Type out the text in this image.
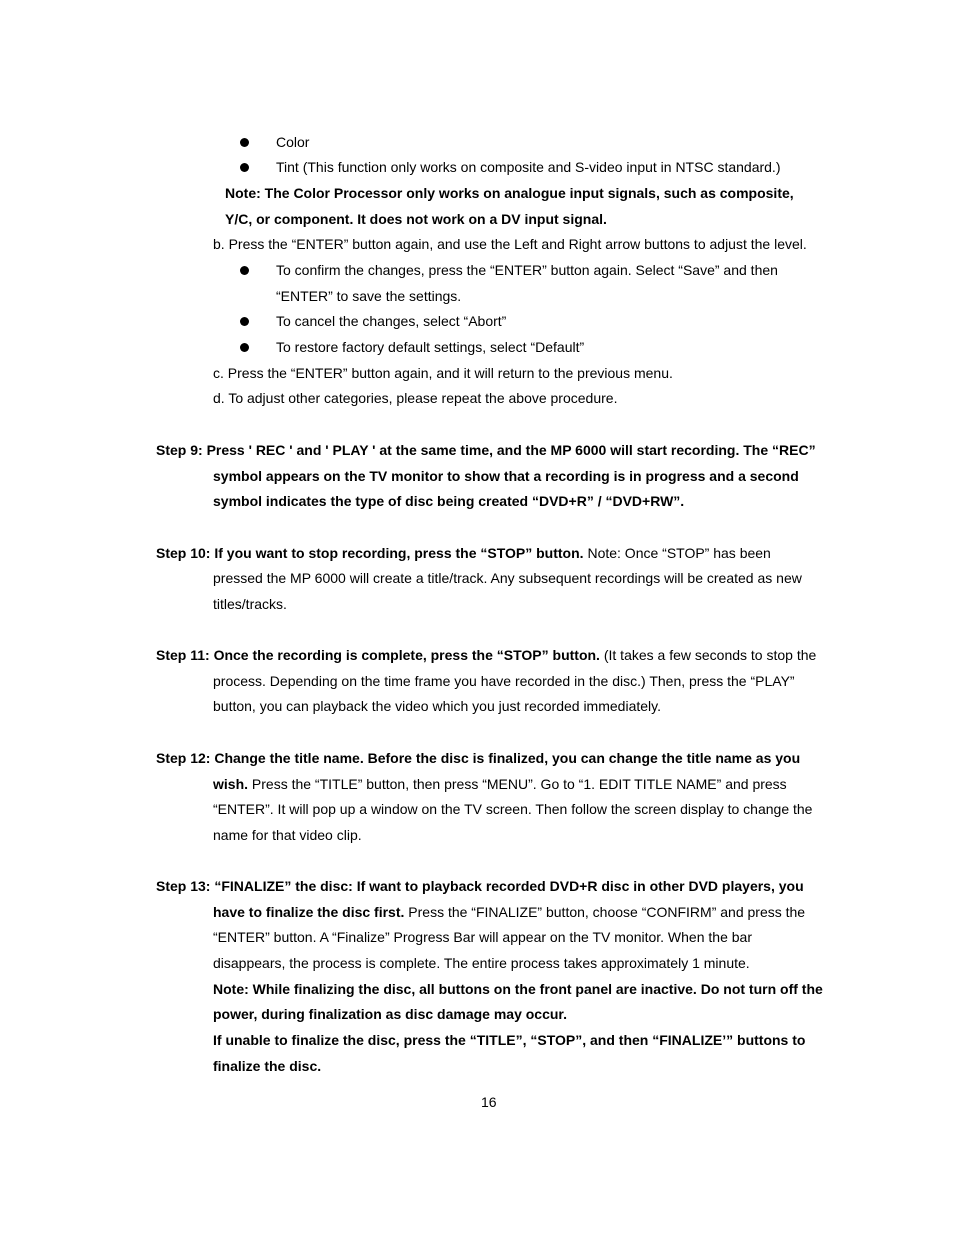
Color
Tint (This function only works on composite and S-video input in NTSC standard.)
Note: The Color Processor only works on analogue input signals, such as composite,
Y/C, or component. It does not work on a DV input signal.
b. Press the “ENTER” button again, and use the Left and Right arrow buttons to adjust the level.
To confirm the changes, press the “ENTER” button again. Select “Save” and then
“ENTER” to save the settings.
To cancel the changes, select “Abort”
To restore factory default settings, select “Default”
c. Press the “ENTER” button again, and it will return to the previous menu.
d. To adjust other categories, please repeat the above procedure.
Step 9: Press ' REC ' and ' PLAY ' at the same time, and the MP 6000 will start recording. The “REC”
symbol appears on the TV monitor to show that a recording is in progress and a second
symbol indicates the type of disc being created “DVD+R” / “DVD+RW”.
Step 10: If you want to stop recording, press the “STOP” button. Note: Once “STOP” has been
pressed the MP 6000 will create a title/track. Any subsequent recordings will be created as new
titles/tracks.
Step 11: Once the recording is complete, press the “STOP” button. (It takes a few seconds to stop the
process. Depending on the time frame you have recorded in the disc.) Then, press the “PLAY”
button, you can playback the video which you just recorded immediately.
Step 12: Change the title name. Before the disc is finalized, you can change the title name as you
wish. Press the “TITLE” button, then press “MENU”. Go to “1. EDIT TITLE NAME” and press
“ENTER”. It will pop up a window on the TV screen. Then follow the screen display to change the
name for that video clip.
Step 13: “FINALIZE” the disc: If want to playback recorded DVD+R disc in other DVD players, you
have to finalize the disc first. Press the “FINALIZE” button, choose “CONFIRM” and press the
“ENTER” button. A “Finalize” Progress Bar will appear on the TV monitor. When the bar
disappears, the process is complete. The entire process takes approximately 1 minute.
Note: While finalizing the disc, all buttons on the front panel are inactive. Do not turn off the
power, during finalization as disc damage may occur.
If unable to finalize the disc, press the “TITLE”, “STOP”, and then “FINALIZE’” buttons to
finalize the disc.
16
